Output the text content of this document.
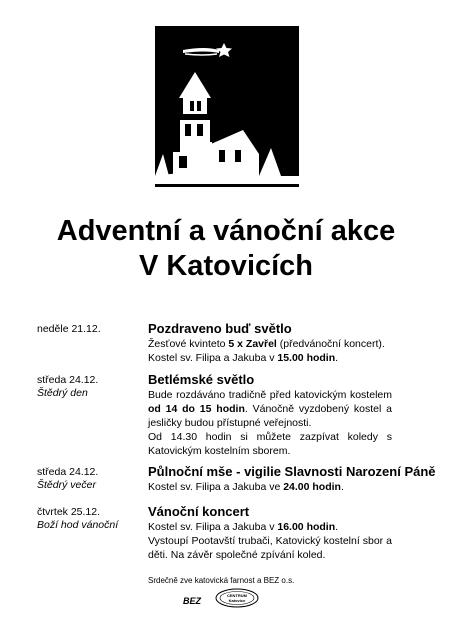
Adventní a vánoční akce
V Katovicích
neděle 21.12.	Pozdraveno buď světlo
Žesťové kvinteto 5 x Zavřel (předvánoční koncert).
Kostel sv. Filipa a Jakuba v 15.00 hodin.
středa 24.12.
Štědrý den
Betlémské světlo
Bude rozdáváno tradičně před katovickým kostelem od 14 do 15 hodin. Vánočně vyzdobený kostel a jesličky budou přístupné veřejnosti.
Od 14.30 hodin si můžete zazpívat koledy s Katovickým kostelním sborem.
středa 24.12.
Štědrý večer
Půlnoční mše - vigilie Slavnosti Narození Páně
Kostel sv. Filipa a Jakuba ve 24.00 hodin.
čtvrtek 25.12.
Boží hod vánoční
Vánoční koncert
Kostel sv. Filipa a Jakuba v 16.00 hodin.
Vystoupí Pootavští trubači, Katovický kostelní sbor a děti. Na závěr společné zpívání koled.
Srdečně zve katovická farnost a BEZ o.s.
BEZ
CENTRUM
Katovice
